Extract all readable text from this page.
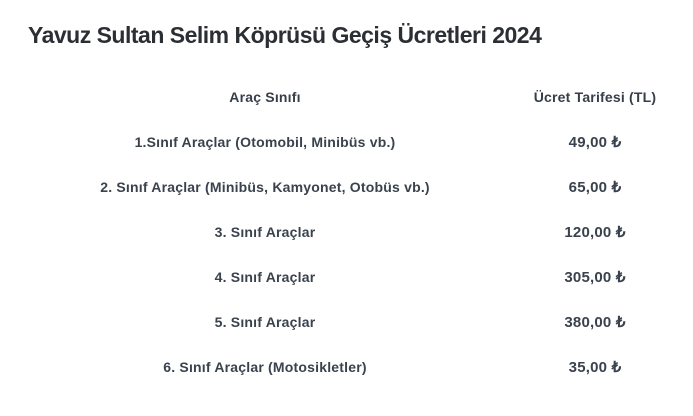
Yavuz Sultan Selim Köprüsü Geçiş Ücretleri 2024
Araç Sınıfı	Ücret Tarifesi (TL)
1.Sınıf Araçlar (Otomobil, Minibüs vb.)	49,00 ₺
2. Sınıf Araçlar (Minibüs, Kamyonet, Otobüs vb.)	65,00 ₺
3. Sınıf Araçlar	120,00 ₺
4. Sınıf Araçlar	305,00 ₺
5. Sınıf Araçlar	380,00 ₺
6. Sınıf Araçlar (Motosikletler)	35,00 ₺
